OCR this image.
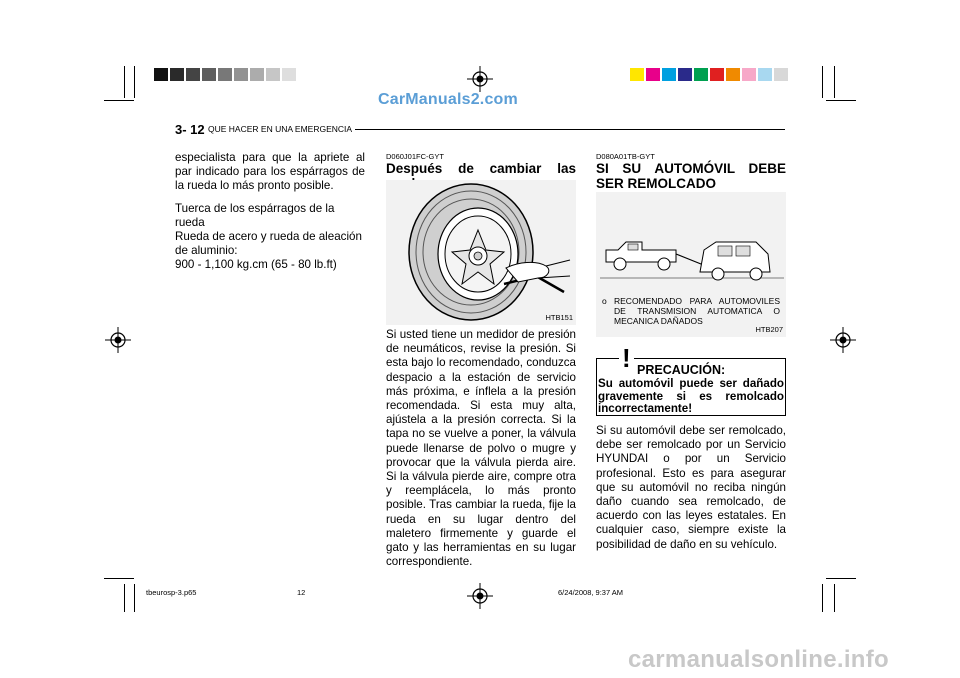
CarManuals2.com
carmanualsonline.info
3- 12 QUE HACER EN UNA EMERGENCIA

especialista para que la apriete al par indicado para los espárragos de la rueda lo más pronto posible.

Tuerca de los espárragos de la rueda
Rueda de acero y rueda de aleación
de aluminio:
900 - 1,100 kg.cm (65 - 80 lb.ft)
D060J01FC-GYT
Después de cambiar las
HTB151

Si usted tiene un medidor de presión de neumáticos, revise la presión. Si esta bajo lo recomendado, conduzca despacio a la estación de servicio más próxima, e ínflela a la presión recomendada. Si esta muy alta, ajústela a la presión correcta. Si la tapa no se vuelve a poner, la válvula puede llenarse de polvo o mugre y provocar que la válvula pierda aire. Si la válvula pierde aire, compre otra y reemplácela, lo más pronto posible. Tras cambiar la rueda, fije la rueda en su lugar dentro del maletero firmemente y guarde el gato y las herramientas en su lugar correspondiente.

D080A01TB-GYT
SI SU AUTOMÓVIL DEBE SER REMOLCADO
o RECOMENDADO PARA AUTOMOVILES DE TRANSMISION AUTOMATICA O MECANICA DAÑADOS
HTB207
! PRECAUCIÓN:
Su automóvil puede ser dañado gravemente si es remolcado incorrectamente!

Si su automóvil debe ser remolcado, debe ser remolcado por un Servicio HYUNDAI o por un Servicio profesional. Esto es para asegurar que su automóvil no reciba ningún daño cuando sea remolcado, de acuerdo con las leyes estatales. En cualquier caso, siempre existe la posibilidad de daño en su vehículo.

tbeurosp-3.p65	12	6/24/2008, 9:37 AM
